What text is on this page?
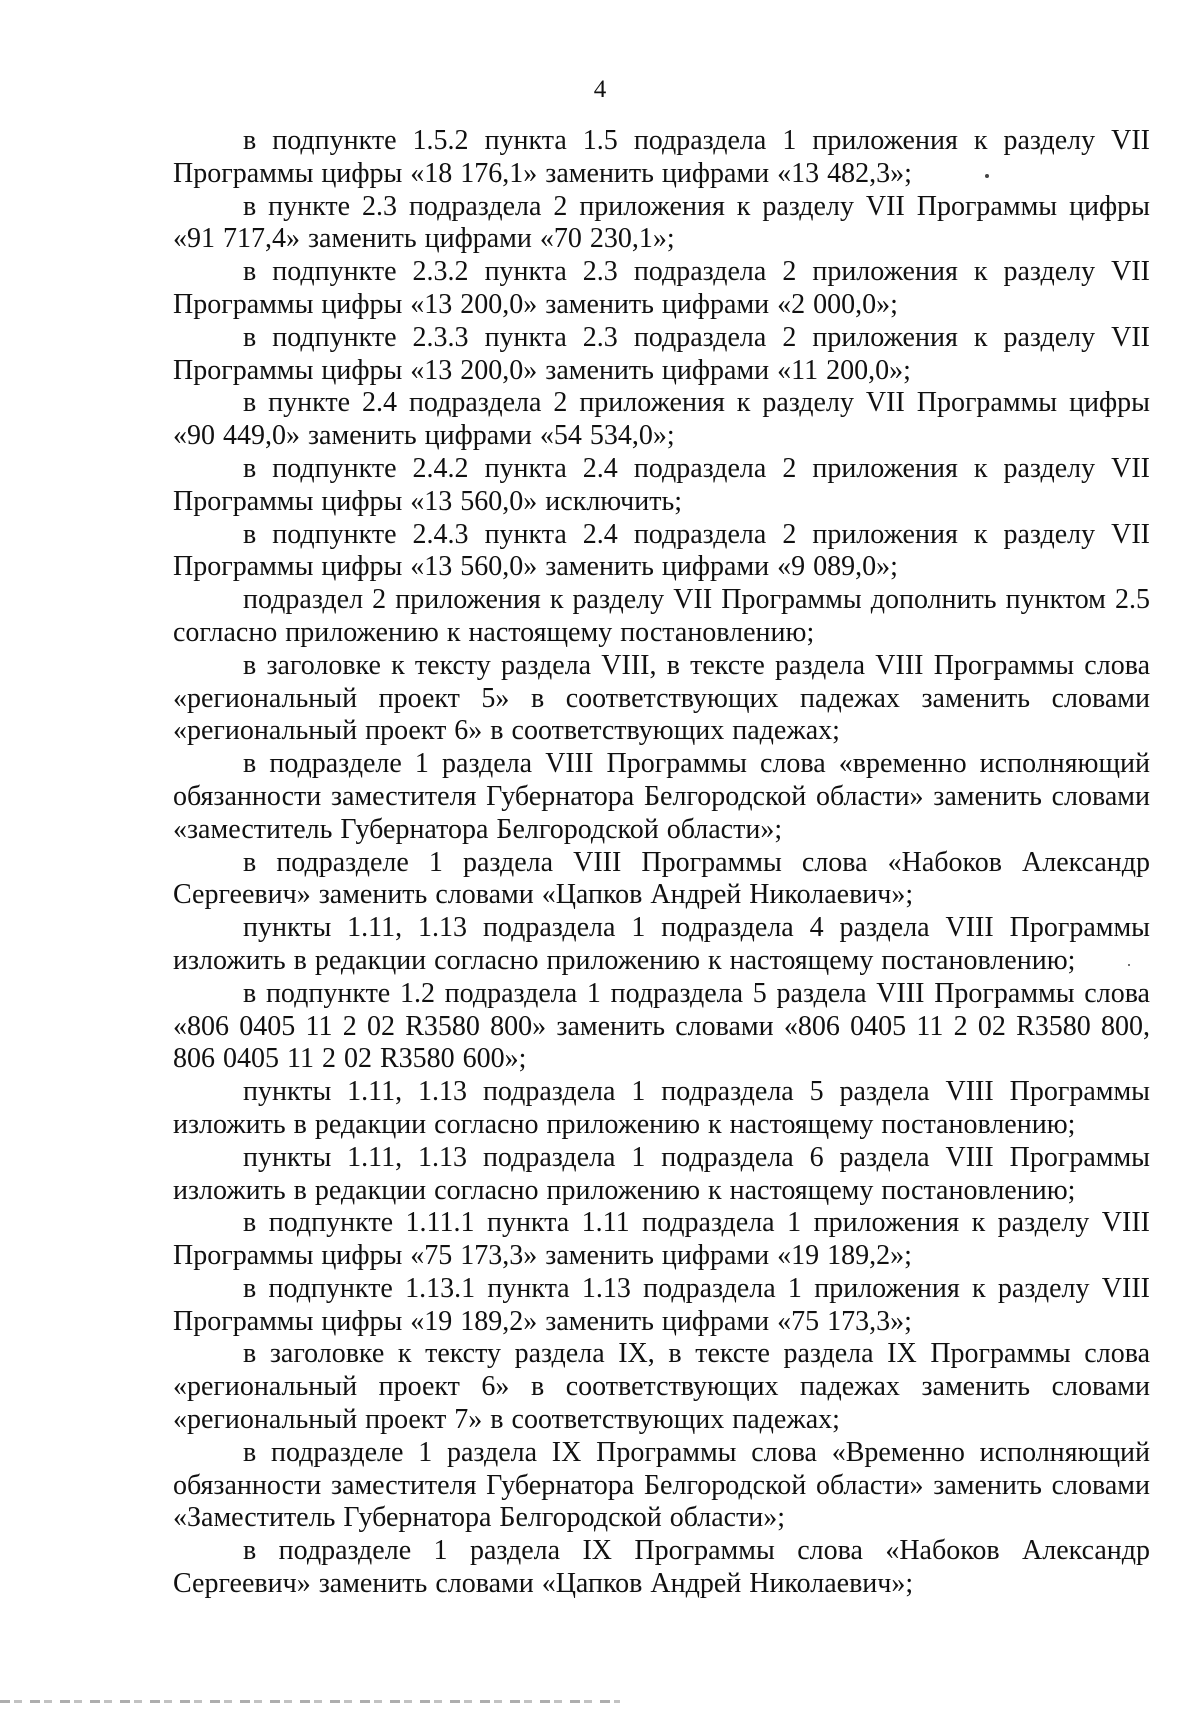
4

в подпункте 1.5.2 пункта 1.5 подраздела 1 приложения к разделу VII Программы цифры «18 176,1» заменить цифрами «13 482,3»;

в пункте 2.3 подраздела 2 приложения к разделу VII Программы цифры «91 717,4» заменить цифрами «70 230,1»;

в подпункте 2.3.2 пункта 2.3 подраздела 2 приложения к разделу VII Программы цифры «13 200,0» заменить цифрами «2 000,0»;

в подпункте 2.3.3 пункта 2.3 подраздела 2 приложения к разделу VII Программы цифры «13 200,0» заменить цифрами «11 200,0»;

в пункте 2.4 подраздела 2 приложения к разделу VII Программы цифры «90 449,0» заменить цифрами «54 534,0»;

в подпункте 2.4.2 пункта 2.4 подраздела 2 приложения к разделу VII Программы цифры «13 560,0» исключить;

в подпункте 2.4.3 пункта 2.4 подраздела 2 приложения к разделу VII Программы цифры «13 560,0» заменить цифрами «9 089,0»;

подраздел 2 приложения к разделу VII Программы дополнить пунктом 2.5 согласно приложению к настоящему постановлению;

в заголовке к тексту раздела VIII, в тексте раздела VIII Программы слова «региональный проект 5» в соответствующих падежах заменить словами «региональный проект 6» в соответствующих падежах;

в подразделе 1 раздела VIII Программы слова «временно исполняющий обязанности заместителя Губернатора Белгородской области» заменить словами «заместитель Губернатора Белгородской области»;

в подразделе 1 раздела VIII Программы слова «Набоков Александр Сергеевич» заменить словами «Цапков Андрей Николаевич»;

пункты 1.11, 1.13 подраздела 1 подраздела 4 раздела VIII Программы изложить в редакции согласно приложению к настоящему постановлению;

в подпункте 1.2 подраздела 1 подраздела 5 раздела VIII Программы слова «806 0405 11 2 02 R3580 800» заменить словами «806 0405 11 2 02 R3580 800, 806 0405 11 2 02 R3580 600»;

пункты 1.11, 1.13 подраздела 1 подраздела 5 раздела VIII Программы изложить в редакции согласно приложению к настоящему постановлению;

пункты 1.11, 1.13 подраздела 1 подраздела 6 раздела VIII Программы изложить в редакции согласно приложению к настоящему постановлению;

в подпункте 1.11.1 пункта 1.11 подраздела 1 приложения к разделу VIII Программы цифры «75 173,3» заменить цифрами «19 189,2»;

в подпункте 1.13.1 пункта 1.13 подраздела 1 приложения к разделу VIII Программы цифры «19 189,2» заменить цифрами «75 173,3»;

в заголовке к тексту раздела IX, в тексте раздела IX Программы слова «региональный проект 6» в соответствующих падежах заменить словами «региональный проект 7» в соответствующих падежах;

в подразделе 1 раздела IX Программы слова «Временно исполняющий обязанности заместителя Губернатора Белгородской области» заменить словами «Заместитель Губернатора Белгородской области»;

в подразделе 1 раздела IX Программы слова «Набоков Александр Сергеевич» заменить словами «Цапков Андрей Николаевич»;
